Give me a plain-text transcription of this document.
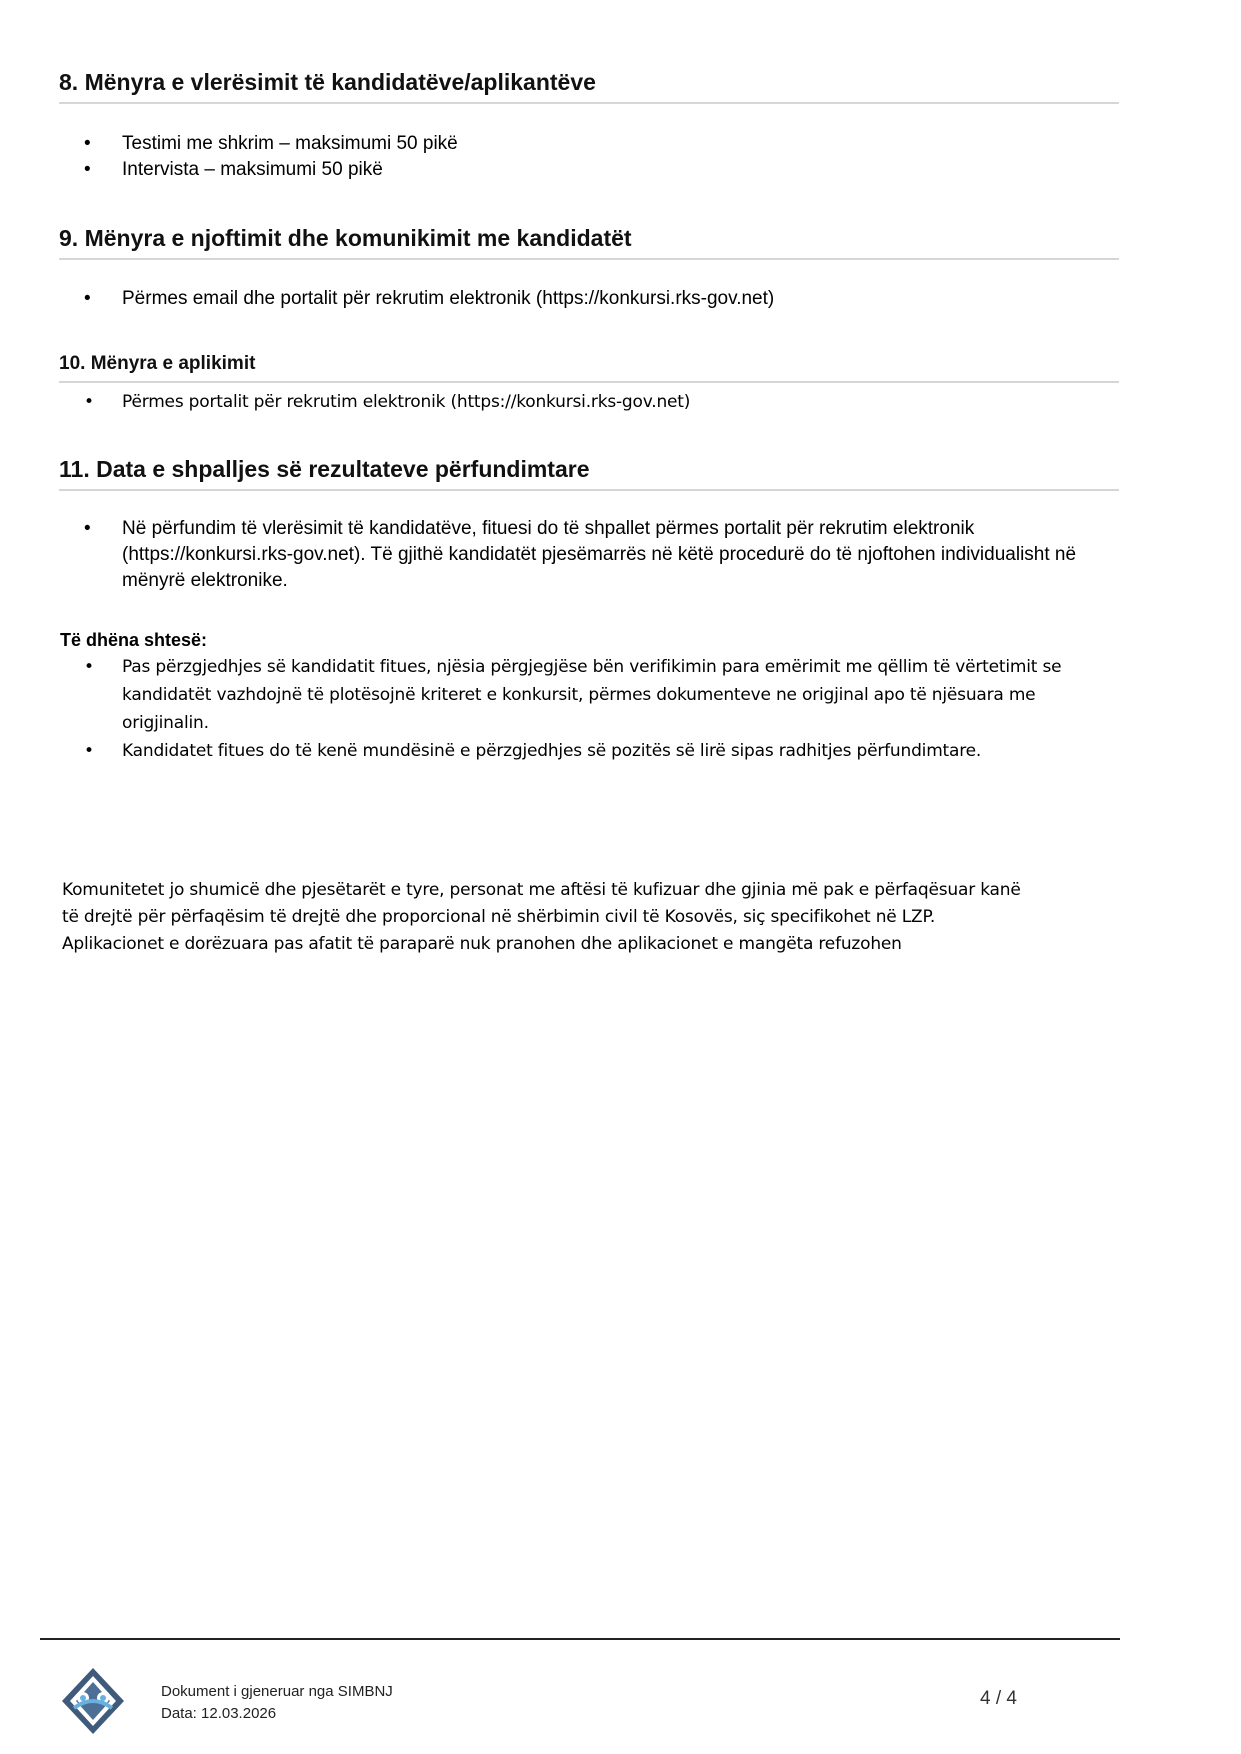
8. Mënyra e vlerësimit të kandidatëve/aplikantëve
• Testimi me shkrim – maksimumi 50 pikë
• Intervista – maksimumi 50 pikë
9. Mënyra e njoftimit dhe komunikimit me kandidatët
• Përmes email dhe portalit për rekrutim elektronik (https://konkursi.rks-gov.net)
10. Mënyra e aplikimit
• Përmes portalit për rekrutim elektronik (https://konkursi.rks-gov.net)
11. Data e shpalljes së rezultateve përfundimtare
• Në përfundim të vlerësimit të kandidatëve, fituesi do të shpallet përmes portalit për rekrutim elektronik (https://konkursi.rks-gov.net). Të gjithë kandidatët pjesëmarrës në këtë procedurë do të njoftohen individualisht në mënyrë elektronike.
Të dhëna shtesë:
• Pas përzgjedhjes së kandidatit fitues, njësia përgjegjëse bën verifikimin para emërimit me qëllim të vërtetimit se kandidatët vazhdojnë të plotësojnë kriteret e konkursit, përmes dokumenteve ne origjinal apo të njësuara me origjinalin.
• Kandidatet fitues do të kenë mundësinë e përzgjedhjes së pozitës së lirë sipas radhitjes përfundimtare.
Komunitetet jo shumicë dhe pjesëtarët e tyre, personat me aftësi të kufizuar dhe gjinia më pak e përfaqësuar kanë
të drejtë për përfaqësim të drejtë dhe proporcional në shërbimin civil të Kosovës, siç specifikohet në LZP.
Aplikacionet e dorëzuara pas afatit të paraparë nuk pranohen dhe aplikacionet e mangëta refuzohen
Dokument i gjeneruar nga SIMBNJ
Data: 12.03.2026
4 / 4
